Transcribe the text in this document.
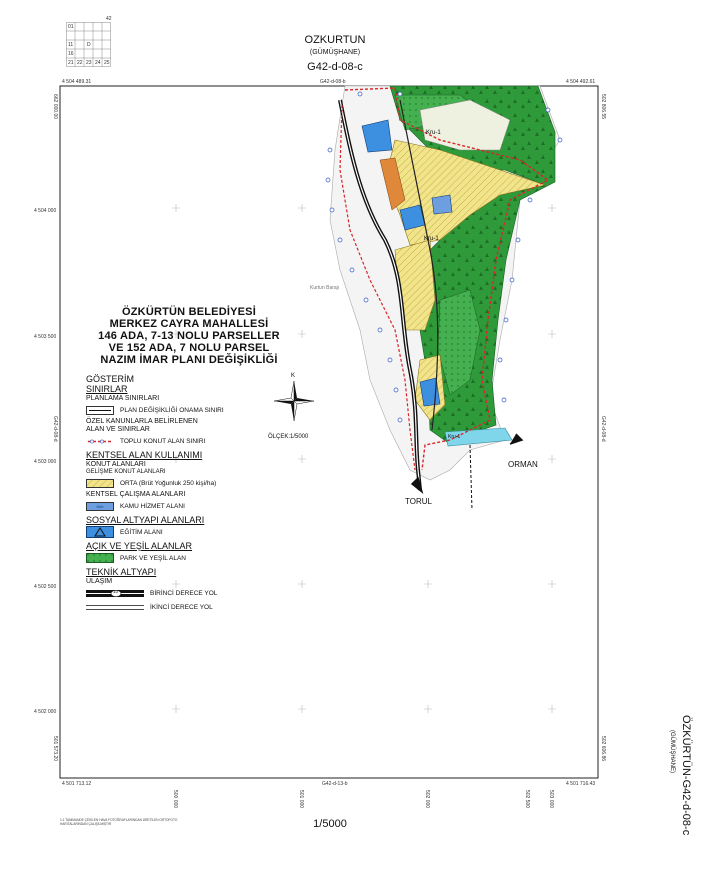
OZKURTUN
(GÜMÜŞHANE)
G42-d-08-c
42
01
11	D
16
21 22 23 24 25
4 504 489.31	4 504 492.61
G42-d-08-b
4 501 713.12	4 501 716.43
G42-d-13-b
662 000.00
501 573.20
502 806.55
502 606.86
G42-d-08-d	G42-d-08-d
4 504 000
4 503 500
4 503 000
4 502 500
4 502 000
500 000	501 000	502 000	502 500	503 000
Kru-1
Kru-1
Kru-1
Kurtun Barajı
ORMAN
TORUL
ÖZKÜRTÜN BELEDİYESİ
MERKEZ CAYRA MAHALLESİ
146 ADA, 7-13 NOLU PARSELLER
VE 152 ADA, 7 NOLU PARSEL
NAZIM İMAR PLANI DEĞİŞİKLİĞİ
K
ÖLÇEK:1/5000
GÖSTERİM
SINIRLAR
PLANLAMA SINIRLARI
PLAN DEĞİŞİKLİĞİ ONAMA SINIRI
ÖZEL KANUNLARLA BELİRLENEN
ALAN VE SINIRLAR
TOPLU KONUT ALAN SINIRI
KENTSEL ALAN KULLANIMI
KONUT ALANLARI
GELİŞME KONUT ALANLARI
ORTA (Brüt Yoğunluk 250 kişi/ha)
KENTSEL ÇALIŞMA ALANLARI
Kkh	KAMU HİZMET ALANI
SOSYAL ALTYAPI ALANLARI
EĞİTİM ALANI
AÇIK VE YEŞİL ALANLAR
PARK VE YEŞİL ALAN
TEKNİK ALTYAPI
ULAŞIM
10	BİRİNCİ DERECE YOL
İKİNCİ DERECE YOL
1:1 TANIMANDE ÇEKİLEN HAVA FOTOĞRAFLARINDAN ÜRETİLEN ORTOFOTO HARİTALARINDAN ÇALIŞILMIŞTIR	1/5000	ÖZKÜRTÜN-G42-d-08-c
(GÜMÜŞHANE)
